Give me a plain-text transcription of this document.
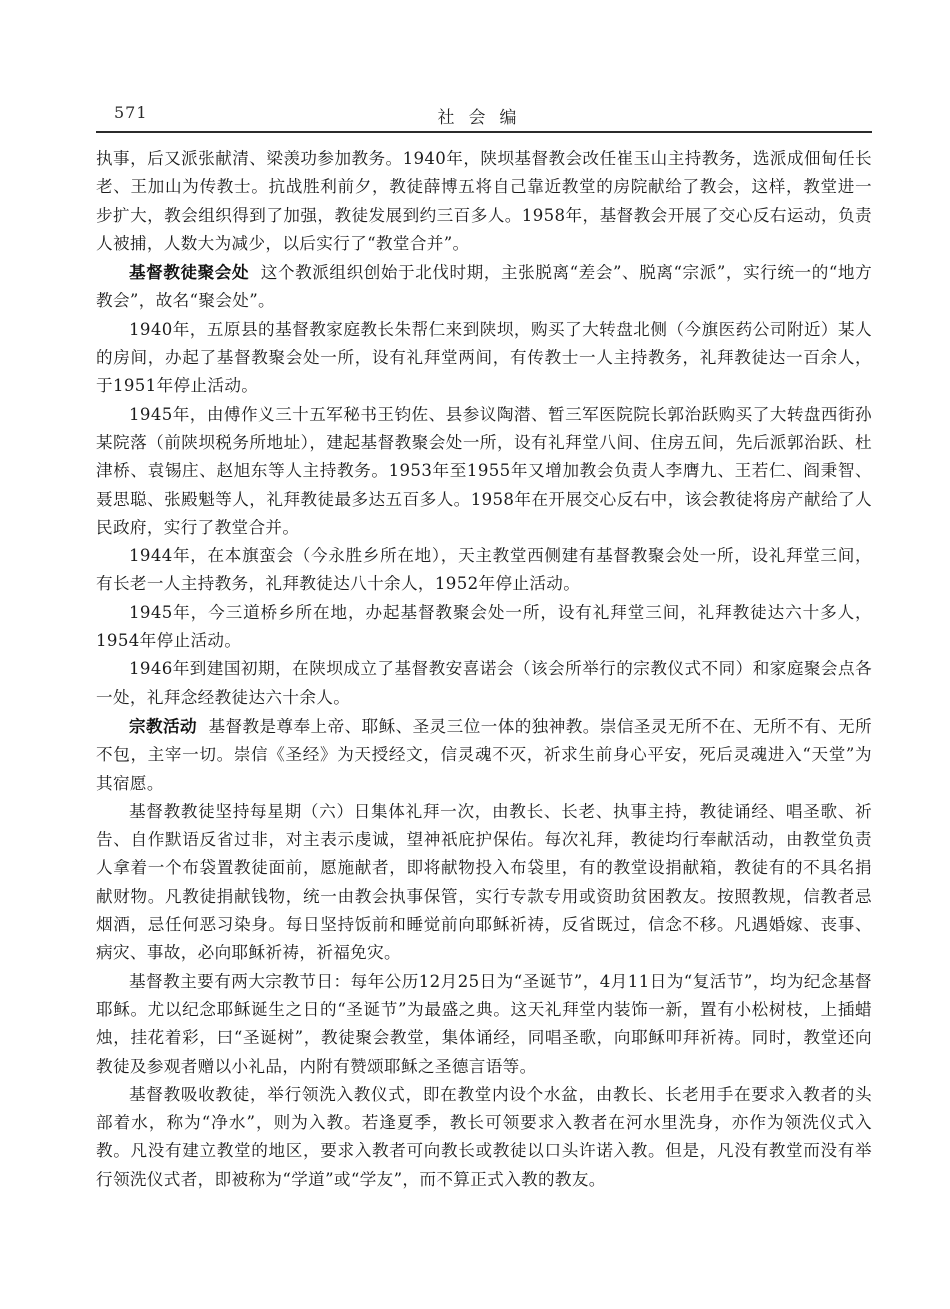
571	社会编

执事，后又派张献清、梁羡功参加教务。1940年，陕坝基督教会改任崔玉山主持教务，选派成佃甸任长老、王加山为传教士。抗战胜利前夕，教徒薛博五将自己靠近教堂的房院献给了教会，这样，教堂进一步扩大，教会组织得到了加强，教徒发展到约三百多人。1958年，基督教会开展了交心反右运动，负责人被捕，人数大为减少，以后实行了“教堂合并”。

基督教徒聚会处 这个教派组织创始于北伐时期，主张脱离“差会”、脱离“宗派”，实行统一的“地方教会”，故名“聚会处”。

1940年，五原县的基督教家庭教长朱帮仁来到陕坝，购买了大转盘北侧（今旗医药公司附近）某人的房间，办起了基督教聚会处一所，设有礼拜堂两间，有传教士一人主持教务，礼拜教徒达一百余人，于1951年停止活动。

1945年，由傅作义三十五军秘书王钧佐、县参议陶潜、暂三军医院院长郭治跃购买了大转盘西街孙某院落（前陕坝税务所地址），建起基督教聚会处一所，设有礼拜堂八间、住房五间，先后派郭治跃、杜津桥、袁锡庄、赵旭东等人主持教务。1953年至1955年又增加教会负责人李膺九、王若仁、阎秉智、聂思聪、张殿魁等人，礼拜教徒最多达五百多人。1958年在开展交心反右中，该会教徒将房产献给了人民政府，实行了教堂合并。

1944年，在本旗蛮会（今永胜乡所在地），天主教堂西侧建有基督教聚会处一所，设礼拜堂三间，有长老一人主持教务，礼拜教徒达八十余人，1952年停止活动。

1945年，今三道桥乡所在地，办起基督教聚会处一所，设有礼拜堂三间，礼拜教徒达六十多人，1954年停止活动。

1946年到建国初期，在陕坝成立了基督教安喜诺会（该会所举行的宗教仪式不同）和家庭聚会点各一处，礼拜念经教徒达六十余人。

宗教活动 基督教是尊奉上帝、耶稣、圣灵三位一体的独神教。崇信圣灵无所不在、无所不有、无所不包，主宰一切。崇信《圣经》为天授经文，信灵魂不灭，祈求生前身心平安，死后灵魂进入“天堂”为其宿愿。

基督教教徒坚持每星期（六）日集体礼拜一次，由教长、长老、执事主持，教徒诵经、唱圣歌、祈告、自作默语反省过非，对主表示虔诚，望神祇庇护保佑。每次礼拜，教徒均行奉献活动，由教堂负责人拿着一个布袋置教徒面前，愿施献者，即将献物投入布袋里，有的教堂设捐献箱，教徒有的不具名捐献财物。凡教徒捐献钱物，统一由教会执事保管，实行专款专用或资助贫困教友。按照教规，信教者忌烟酒，忌任何恶习染身。每日坚持饭前和睡觉前向耶稣祈祷，反省既过，信念不移。凡遇婚嫁、丧事、病灾、事故，必向耶稣祈祷，祈福免灾。

基督教主要有两大宗教节日：每年公历12月25日为“圣诞节”，4月11日为“复活节”，均为纪念基督耶稣。尤以纪念耶稣诞生之日的“圣诞节”为最盛之典。这天礼拜堂内装饰一新，置有小松树枝，上插蜡烛，挂花着彩，曰“圣诞树”，教徒聚会教堂，集体诵经，同唱圣歌，向耶稣叩拜祈祷。同时，教堂还向教徒及参观者赠以小礼品，内附有赞颂耶稣之圣德言语等。

基督教吸收教徒，举行领洗入教仪式，即在教堂内设个水盆，由教长、长老用手在要求入教者的头部着水，称为“净水”，则为入教。若逢夏季，教长可领要求入教者在河水里洗身，亦作为领洗仪式入教。凡没有建立教堂的地区，要求入教者可向教长或教徒以口头许诺入教。但是，凡没有教堂而没有举行领洗仪式者，即被称为“学道”或“学友”，而不算正式入教的教友。
